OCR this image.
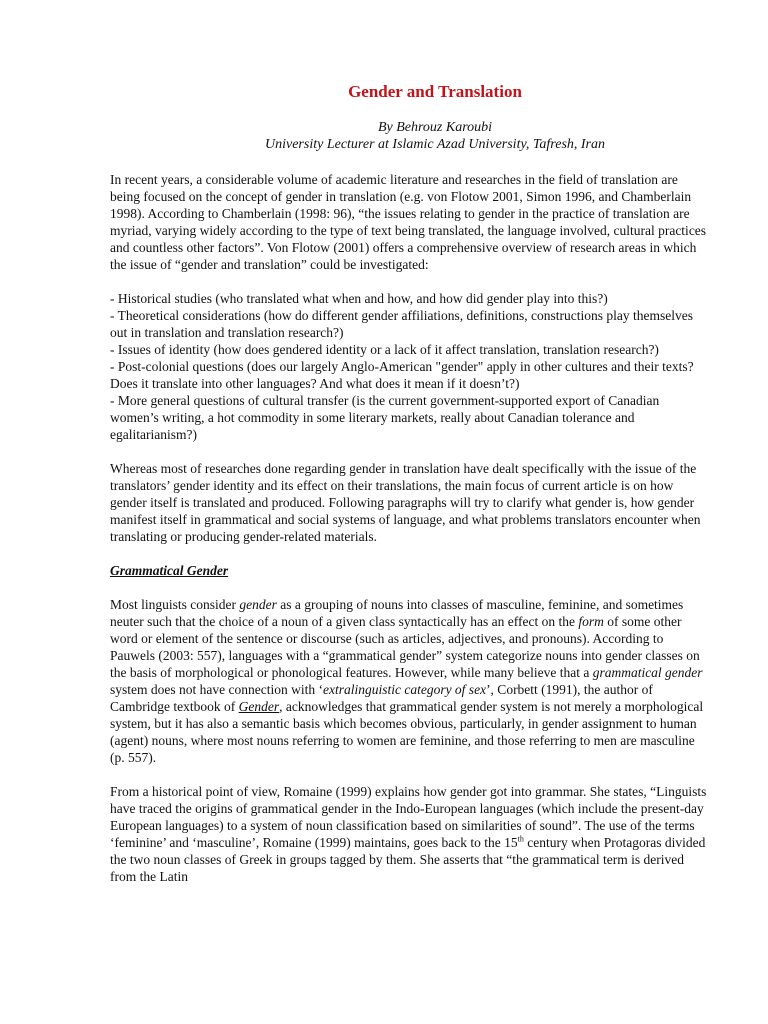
Gender and Translation
By Behrouz Karoubi
University Lecturer at Islamic Azad University, Tafresh, Iran

In recent years, a considerable volume of academic literature and researches in the field of translation are being focused on the concept of gender in translation (e.g. von Flotow 2001, Simon 1996, and Chamberlain 1998). According to Chamberlain (1998: 96), “the issues relating to gender in the practice of translation are myriad, varying widely according to the type of text being translated, the language involved, cultural practices and countless other factors”. Von Flotow (2001) offers a comprehensive overview of research areas in which the issue of “gender and translation” could be investigated:

- Historical studies (who translated what when and how, and how did gender play into this?)
- Theoretical considerations (how do different gender affiliations, definitions, constructions play themselves out in translation and translation research?)
- Issues of identity (how does gendered identity or a lack of it affect translation, translation research?)
- Post-colonial questions (does our largely Anglo-American "gender" apply in other cultures and their texts? Does it translate into other languages? And what does it mean if it doesn’t?)
- More general questions of cultural transfer (is the current government-supported export of Canadian women’s writing, a hot commodity in some literary markets, really about Canadian tolerance and egalitarianism?)

Whereas most of researches done regarding gender in translation have dealt specifically with the issue of the translators’ gender identity and its effect on their translations, the main focus of current article is on how gender itself is translated and produced. Following paragraphs will try to clarify what gender is, how gender manifest itself in grammatical and social systems of language, and what problems translators encounter when translating or producing gender-related materials.

Grammatical Gender

Most linguists consider gender as a grouping of nouns into classes of masculine, feminine, and sometimes neuter such that the choice of a noun of a given class syntactically has an effect on the form of some other word or element of the sentence or discourse (such as articles, adjectives, and pronouns). According to Pauwels (2003: 557), languages with a “grammatical gender” system categorize nouns into gender classes on the basis of morphological or phonological features. However, while many believe that a grammatical gender system does not have connection with ‘extralinguistic category of sex’, Corbett (1991), the author of Cambridge textbook of Gender, acknowledges that grammatical gender system is not merely a morphological system, but it has also a semantic basis which becomes obvious, particularly, in gender assignment to human (agent) nouns, where most nouns referring to women are feminine, and those referring to men are masculine (p. 557).

From a historical point of view, Romaine (1999) explains how gender got into grammar. She states, “Linguists have traced the origins of grammatical gender in the Indo-European languages (which include the present-day European languages) to a system of noun classification based on similarities of sound”. The use of the terms ‘feminine’ and ‘masculine’, Romaine (1999) maintains, goes back to the 15th century when Protagoras divided the two noun classes of Greek in groups tagged by them. She asserts that “the grammatical term is derived from the Latin
